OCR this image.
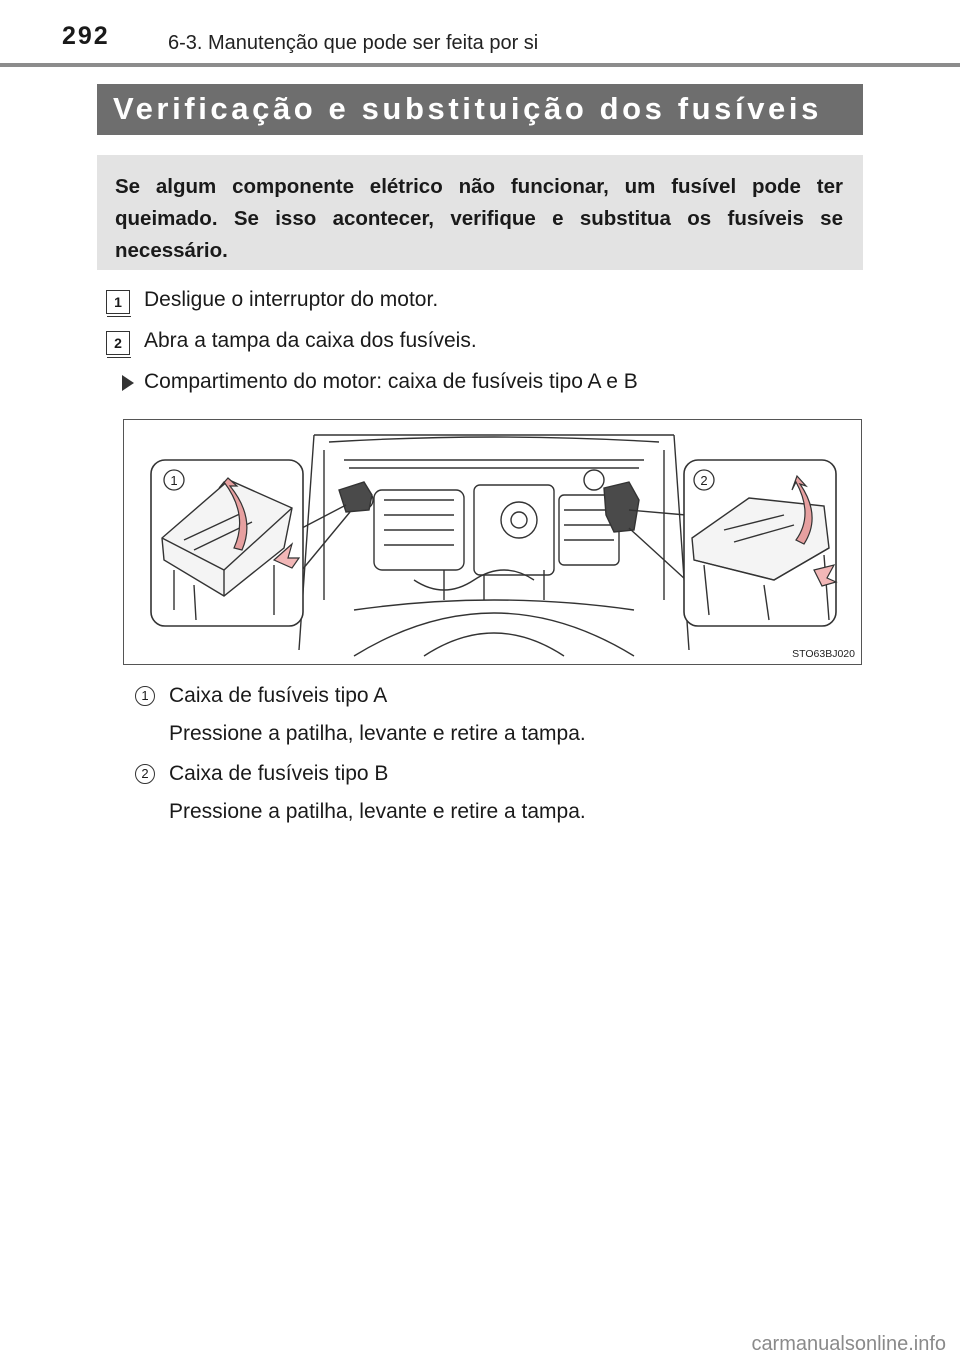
292	6-3. Manutenção que pode ser feita por si
Verificação e substituição dos fusíveis

Se algum componente elétrico não funcionar, um fusível pode ter queimado. Se isso acontecer, verifique e substitua os fusíveis se necessário.

1	Desligue o interruptor do motor.
2	Abra a tampa da caixa dos fusíveis.
Compartimento do motor: caixa de fusíveis tipo A e B
1	2
STO63BJ020
1 Caixa de fusíveis tipo A
Pressione a patilha, levante e retire a tampa.
2 Caixa de fusíveis tipo B
Pressione a patilha, levante e retire a tampa.
carmanualsonline.info
